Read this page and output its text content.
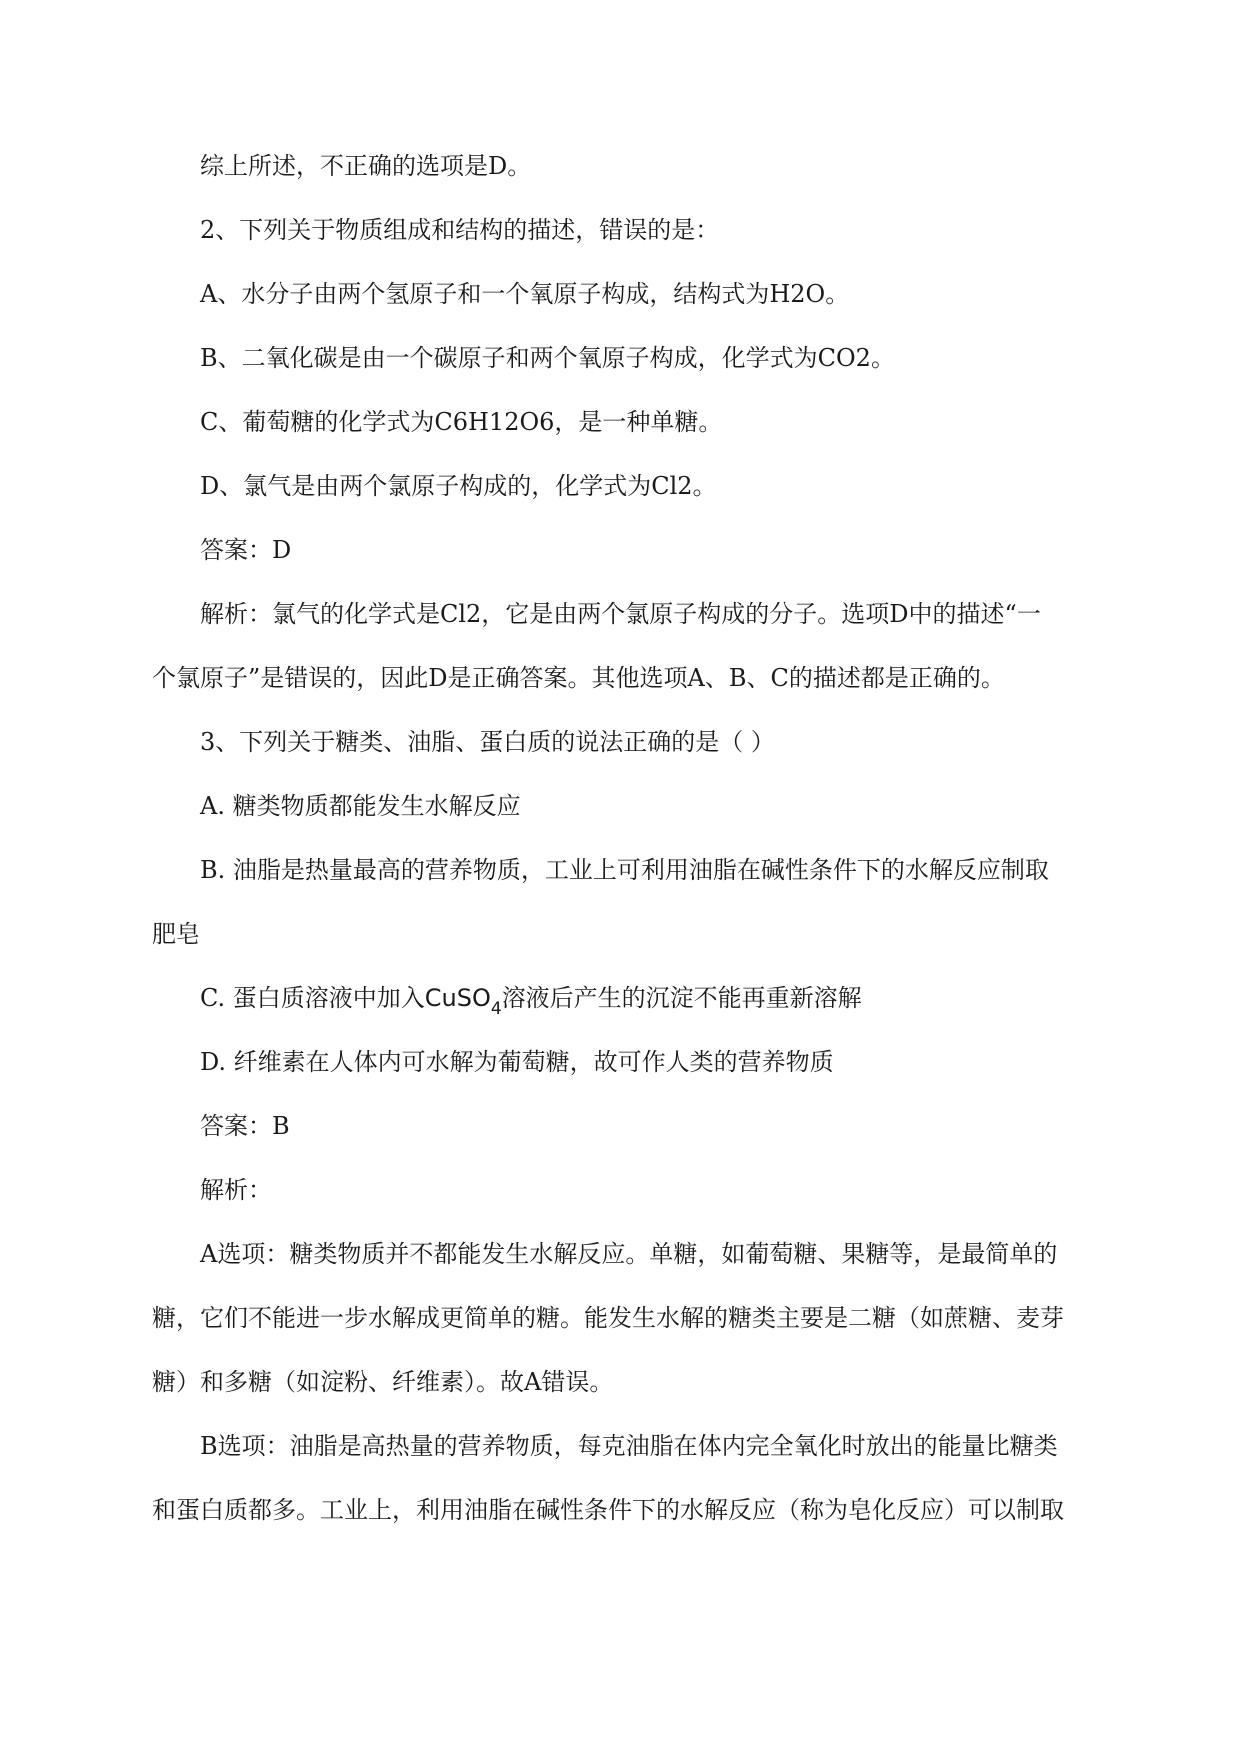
综上所述，不正确的选项是D。
2、下列关于物质组成和结构的描述，错误的是：
A、水分子由两个氢原子和一个氧原子构成，结构式为H2O。
B、二氧化碳是由一个碳原子和两个氧原子构成，化学式为CO2。
C、葡萄糖的化学式为C6H12O6，是一种单糖。
D、氯气是由两个氯原子构成的，化学式为Cl2。
答案：D
解析：氯气的化学式是Cl2，它是由两个氯原子构成的分子。选项D中的描述“一
个氯原子”是错误的，因此D是正确答案。其他选项A、B、C的描述都是正确的。
3、下列关于糖类、油脂、蛋白质的说法正确的是（ ）
A. 糖类物质都能发生水解反应
B. 油脂是热量最高的营养物质，工业上可利用油脂在碱性条件下的水解反应制取
肥皂
C. 蛋白质溶液中加入CuSO$_4$溶液后产生的沉淀不能再重新溶解
D. 纤维素在人体内可水解为葡萄糖，故可作人类的营养物质
答案：B
解析：
A选项：糖类物质并不都能发生水解反应。单糖，如葡萄糖、果糖等，是最简单的
糖，它们不能进一步水解成更简单的糖。能发生水解的糖类主要是二糖（如蔗糖、麦芽
糖）和多糖（如淀粉、纤维素）。故A错误。
B选项：油脂是高热量的营养物质，每克油脂在体内完全氧化时放出的能量比糖类
和蛋白质都多。工业上，利用油脂在碱性条件下的水解反应（称为皂化反应）可以制取
